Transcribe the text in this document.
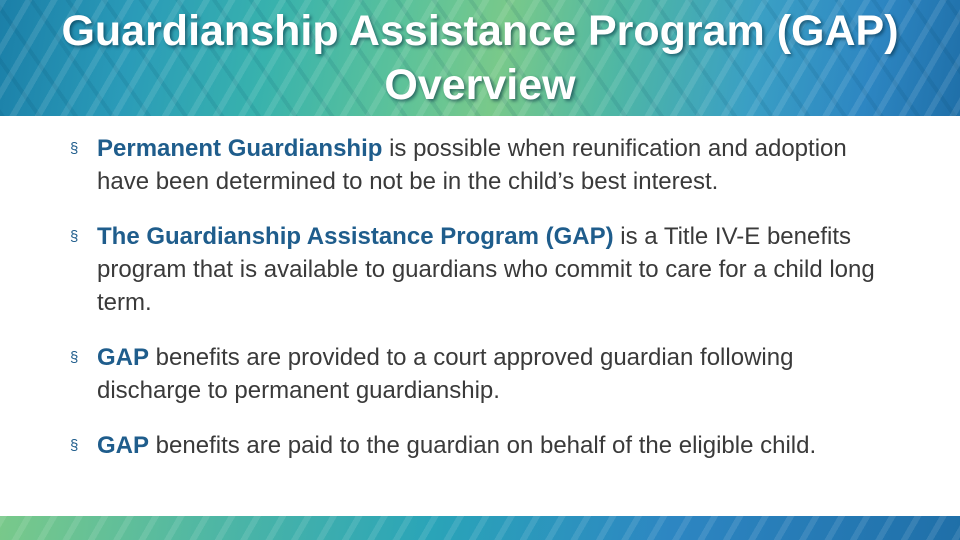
Guardianship Assistance Program (GAP)
Overview

§ Permanent Guardianship is possible when reunification and adoption have been determined to not be in the child’s best interest.

§ The Guardianship Assistance Program (GAP) is a Title IV-E benefits program that is available to guardians who commit to care for a child long term.

§ GAP benefits are provided to a court approved guardian following discharge to permanent guardianship.

§ GAP benefits are paid to the guardian on behalf of the eligible child.
